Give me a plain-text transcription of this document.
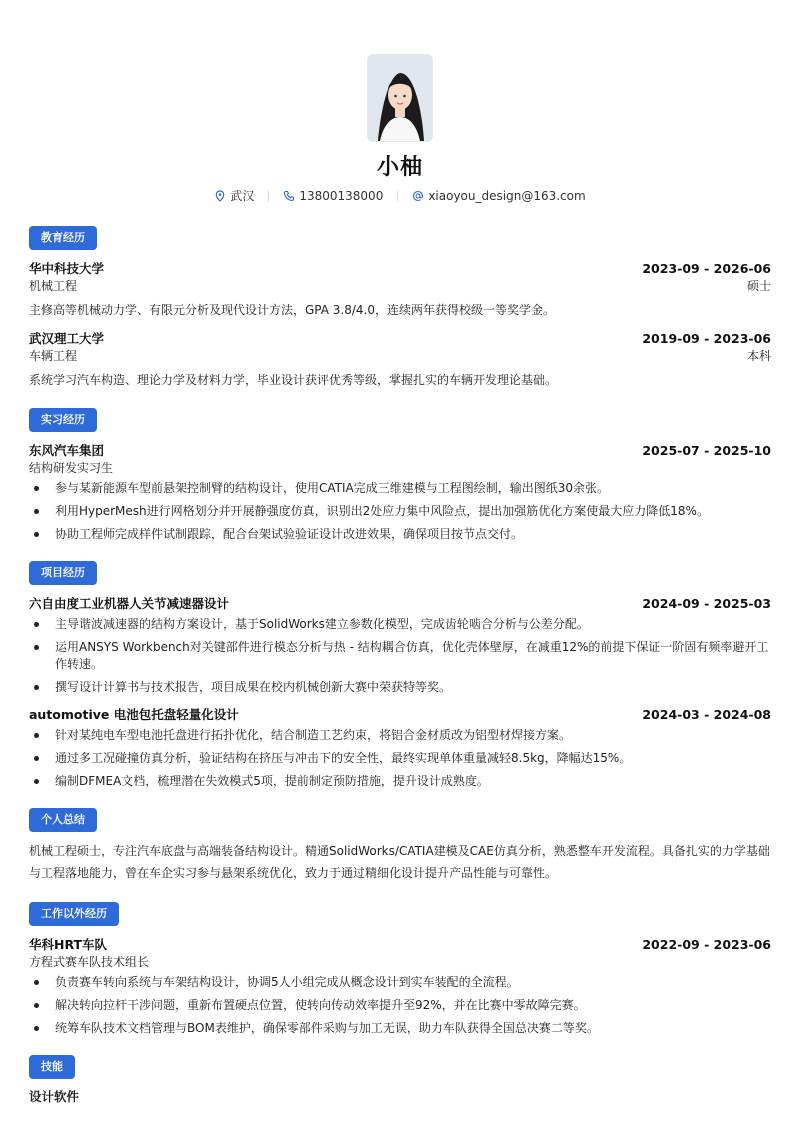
小柚
武汉	13800138000	xiaoyou_design@163.com
教育经历
华中科技大学	2023-09 - 2026-06
机械工程	硕士
主修高等机械动力学、有限元分析及现代设计方法，GPA 3.8/4.0，连续两年获得校级一等奖学金。
武汉理工大学	2019-09 - 2023-06
车辆工程	本科
系统学习汽车构造、理论力学及材料力学，毕业设计获评优秀等级，掌握扎实的车辆开发理论基础。
实习经历
东风汽车集团	2025-07 - 2025-10
结构研发实习生
参与某新能源车型前悬架控制臂的结构设计，使用CATIA完成三维建模与工程图绘制，输出图纸30余张。
利用HyperMesh进行网格划分并开展静强度仿真，识别出2处应力集中风险点，提出加强筋优化方案使最大应力降低18%。
协助工程师完成样件试制跟踪，配合台架试验验证设计改进效果，确保项目按节点交付。
项目经历
六自由度工业机器人关节减速器设计	2024-09 - 2025-03
主导谐波减速器的结构方案设计，基于SolidWorks建立参数化模型，完成齿轮啮合分析与公差分配。
运用ANSYS Workbench对关键部件进行模态分析与热 - 结构耦合仿真，优化壳体壁厚，在减重12%的前提下保证一阶固有频率避开工作转速。
撰写设计计算书与技术报告，项目成果在校内机械创新大赛中荣获特等奖。
automotive 电池包托盘轻量化设计	2024-03 - 2024-08
针对某纯电车型电池托盘进行拓扑优化，结合制造工艺约束，将铝合金材质改为铝型材焊接方案。
通过多工况碰撞仿真分析，验证结构在挤压与冲击下的安全性，最终实现单体重量减轻8.5kg，降幅达15%。
编制DFMEA文档，梳理潜在失效模式5项，提前制定预防措施，提升设计成熟度。
个人总结
机械工程硕士，专注汽车底盘与高端装备结构设计。精通SolidWorks/CATIA建模及CAE仿真分析，熟悉整车开发流程。具备扎实的力学基础与工程落地能力，曾在车企实习参与悬架系统优化，致力于通过精细化设计提升产品性能与可靠性。
工作以外经历
华科HRT车队	2022-09 - 2023-06
方程式赛车队技术组长
负责赛车转向系统与车架结构设计，协调5人小组完成从概念设计到实车装配的全流程。
解决转向拉杆干涉问题，重新布置硬点位置，使转向传动效率提升至92%，并在比赛中零故障完赛。
统筹车队技术文档管理与BOM表维护，确保零部件采购与加工无误，助力车队获得全国总决赛二等奖。
技能
设计软件
